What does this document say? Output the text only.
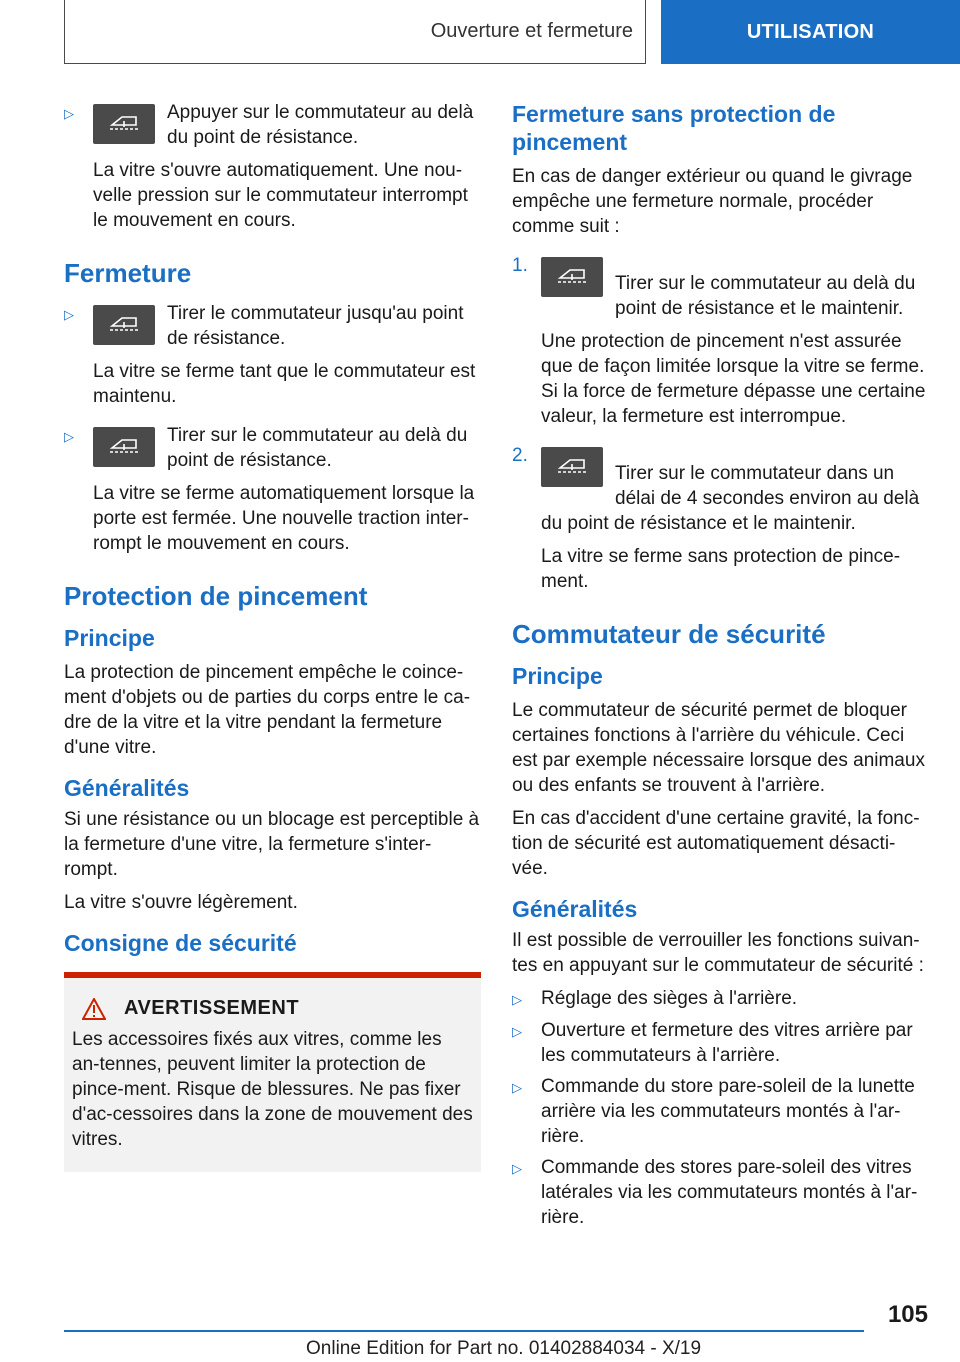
Ouverture et fermeture	UTILISATION
▷	Appuyer sur le commutateur au delà du point de résistance.

La vitre s'ouvre automatiquement. Une nou-velle pression sur le commutateur interrompt le mouvement en cours.

Fermeture
▷	Tirer le commutateur jusqu'au point de résistance.

La vitre se ferme tant que le commutateur est maintenu.

▷	Tirer sur le commutateur au delà du point de résistance.

La vitre se ferme automatiquement lorsque la porte est fermée. Une nouvelle traction inter-rompt le mouvement en cours.

Protection de pincement
Principe

La protection de pincement empêche le coince-ment d'objets ou de parties du corps entre le ca-dre de la vitre et la vitre pendant la fermeture d'une vitre.

Généralités

Si une résistance ou un blocage est perceptible à la fermeture d'une vitre, la fermeture s'inter-rompt.

La vitre s'ouvre légèrement.

Consigne de sécurité
AVERTISSEMENT

Les accessoires fixés aux vitres, comme les an-tennes, peuvent limiter la protection de pince-ment. Risque de blessures. Ne pas fixer d'ac-cessoires dans la zone de mouvement des vitres.

Fermeture sans protection de pincement

En cas de danger extérieur ou quand le givrage empêche une fermeture normale, procéder comme suit :

1.

Tirer sur le commutateur au delà du point de résistance et le maintenir.

Une protection de pincement n'est assurée que de façon limitée lorsque la vitre se ferme. Si la force de fermeture dépasse une certaine valeur, la fermeture est interrompue.

2.

Tirer sur le commutateur dans un délai de 4 secondes environ au delà du point de résistance et le maintenir.

La vitre se ferme sans protection de pince-ment.

Commutateur de sécurité
Principe

Le commutateur de sécurité permet de bloquer certaines fonctions à l'arrière du véhicule. Ceci est par exemple nécessaire lorsque des animaux ou des enfants se trouvent à l'arrière.

En cas d'accident d'une certaine gravité, la fonc-tion de sécurité est automatiquement désacti-vée.

Généralités

Il est possible de verrouiller les fonctions suivan-tes en appuyant sur le commutateur de sécurité :

▷	Réglage des sièges à l'arrière.
▷	Ouverture et fermeture des vitres arrière par les commutateurs à l'arrière.
▷	Commande du store pare-soleil de la lunette arrière via les commutateurs montés à l'ar-rière.
▷	Commande des stores pare-soleil des vitres latérales via les commutateurs montés à l'ar-rière.
105
Online Edition for Part no. 01402884034 - X/19
